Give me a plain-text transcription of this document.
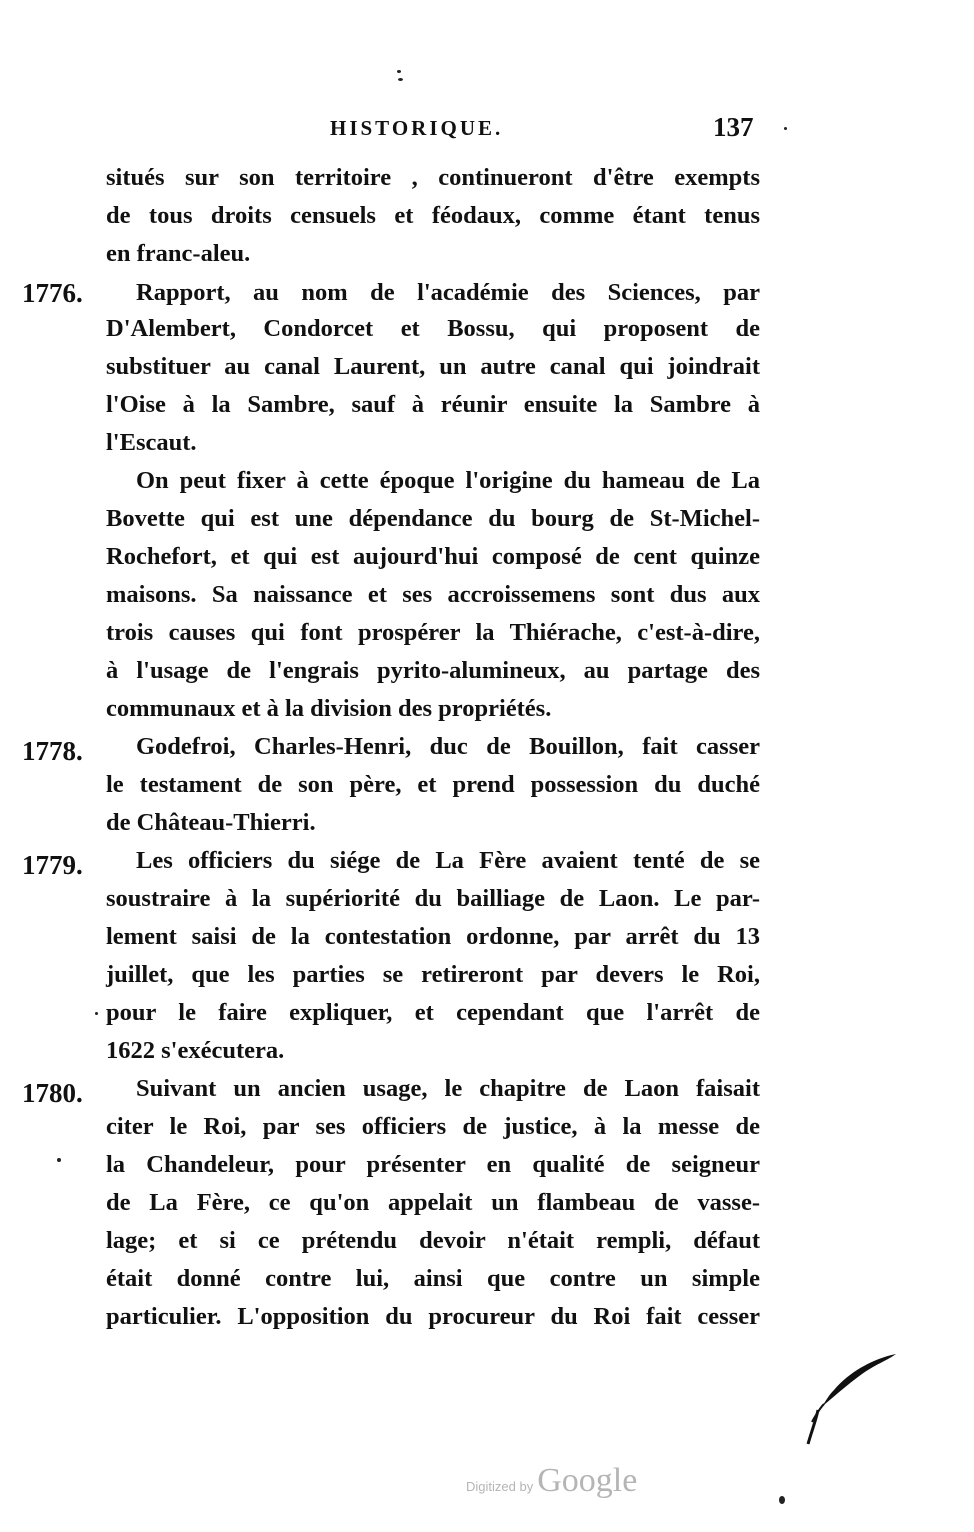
HISTORIQUE.	137
situés sur son territoire , continueront d'être exempts
de tous droits censuels et féodaux, comme étant tenus
en franc-aleu.
1776. Rapport, au nom de l'académie des Sciences, par
D'Alembert, Condorcet et Bossu, qui proposent de
substituer au canal Laurent, un autre canal qui joindrait
l'Oise à la Sambre, sauf à réunir ensuite la Sambre à
l'Escaut.
On peut fixer à cette époque l'origine du hameau de La
Bovette qui est une dépendance du bourg de St-Michel-
Rochefort, et qui est aujourd'hui composé de cent quinze
maisons. Sa naissance et ses accroissemens sont dus aux
trois causes qui font prospérer la Thiérache, c'est-à-dire,
à l'usage de l'engrais pyrito-alumineux, au partage des
communaux et à la division des propriétés.
1778. Godefroi, Charles-Henri, duc de Bouillon, fait casser
le testament de son père, et prend possession du duché
de Château-Thierri.
1779. Les officiers du siége de La Fère avaient tenté de se
soustraire à la supériorité du bailliage de Laon. Le par-
lement saisi de la contestation ordonne, par arrêt du 13
juillet, que les parties se retireront par devers le Roi,
pour le faire expliquer, et cependant que l'arrêt de
1622 s'exécutera.
1780. Suivant un ancien usage, le chapitre de Laon faisait
citer le Roi, par ses officiers de justice, à la messe de
la Chandeleur, pour présenter en qualité de seigneur
de La Fère, ce qu'on appelait un flambeau de vasse-
lage; et si ce prétendu devoir n'était rempli, défaut
était donné contre lui, ainsi que contre un simple
particulier. L'opposition du procureur du Roi fait cesser
Digitized by Google
